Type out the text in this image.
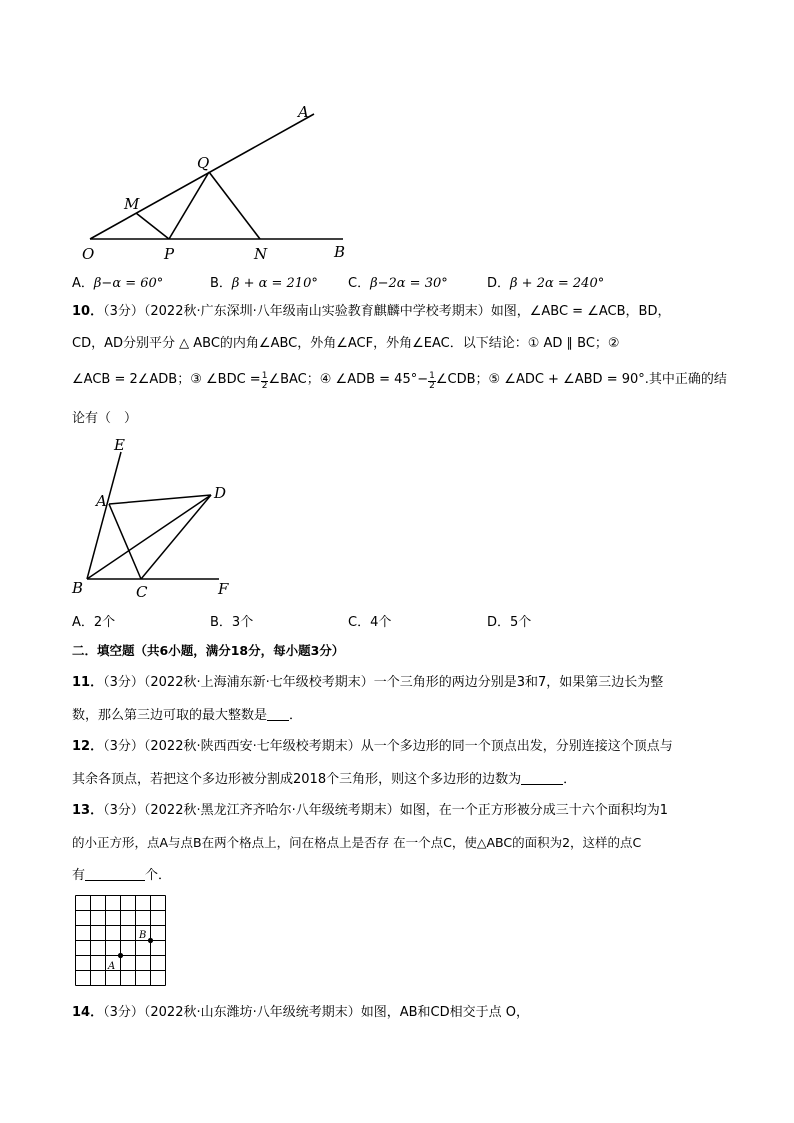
A
Q
M
O	P	N	B
A．β−α = 60°	B．β + α = 210° C．β−2α = 30°	D．β + 2α = 240°
10．（3分）（2022秋·广东深圳·八年级南山实验教育麒麟中学校考期末）如图，∠ABC = ∠ACB，BD，
CD，AD分别平分 △ ABC的内角∠ABC，外角∠ACF，外角∠EAC．以下结论：① AD ∥ BC；②
∠ACB = 2∠ADB；③ ∠BDC = $\frac{1}{2}$ ∠BAC；④ ∠ADB = $45^\circ- \frac{1}{2}$ ∠CDB；⑤ ∠ADC + ∠ABD = 90°.其中正确的结
论有（　）
E
A	D
B	C	F
A．2个	B．3个	C．4个	D．5个
二．填空题（共6小题，满分18分，每小题3分）
11．（3分）（2022秋·上海浦东新·七年级校考期末）一个三角形的两边分别是3和7，如果第三边长为整
数，那么第三边可取的最大整数是 ．
12．（3分）（2022秋·陕西西安·七年级校考期末）从一个多边形的同一个顶点出发，分别连接这个顶点与
其余各顶点，若把这个多边形被分割成2018个三角形，则这个多边形的边数为	．
13．（3分）（2022秋·黑龙江齐齐哈尔·八年级统考期末）如图，在一个正方形被分成三十六个面积均为1
的小正方形，点A与点B在两个格点上，问在格点上是否存 在一个点C，使△ABC的面积为2，这样的点C
有	个．
A
B
14．（3分）（2022秋·山东潍坊·八年级统考期末）如图，AB和CD相交于点 O，
